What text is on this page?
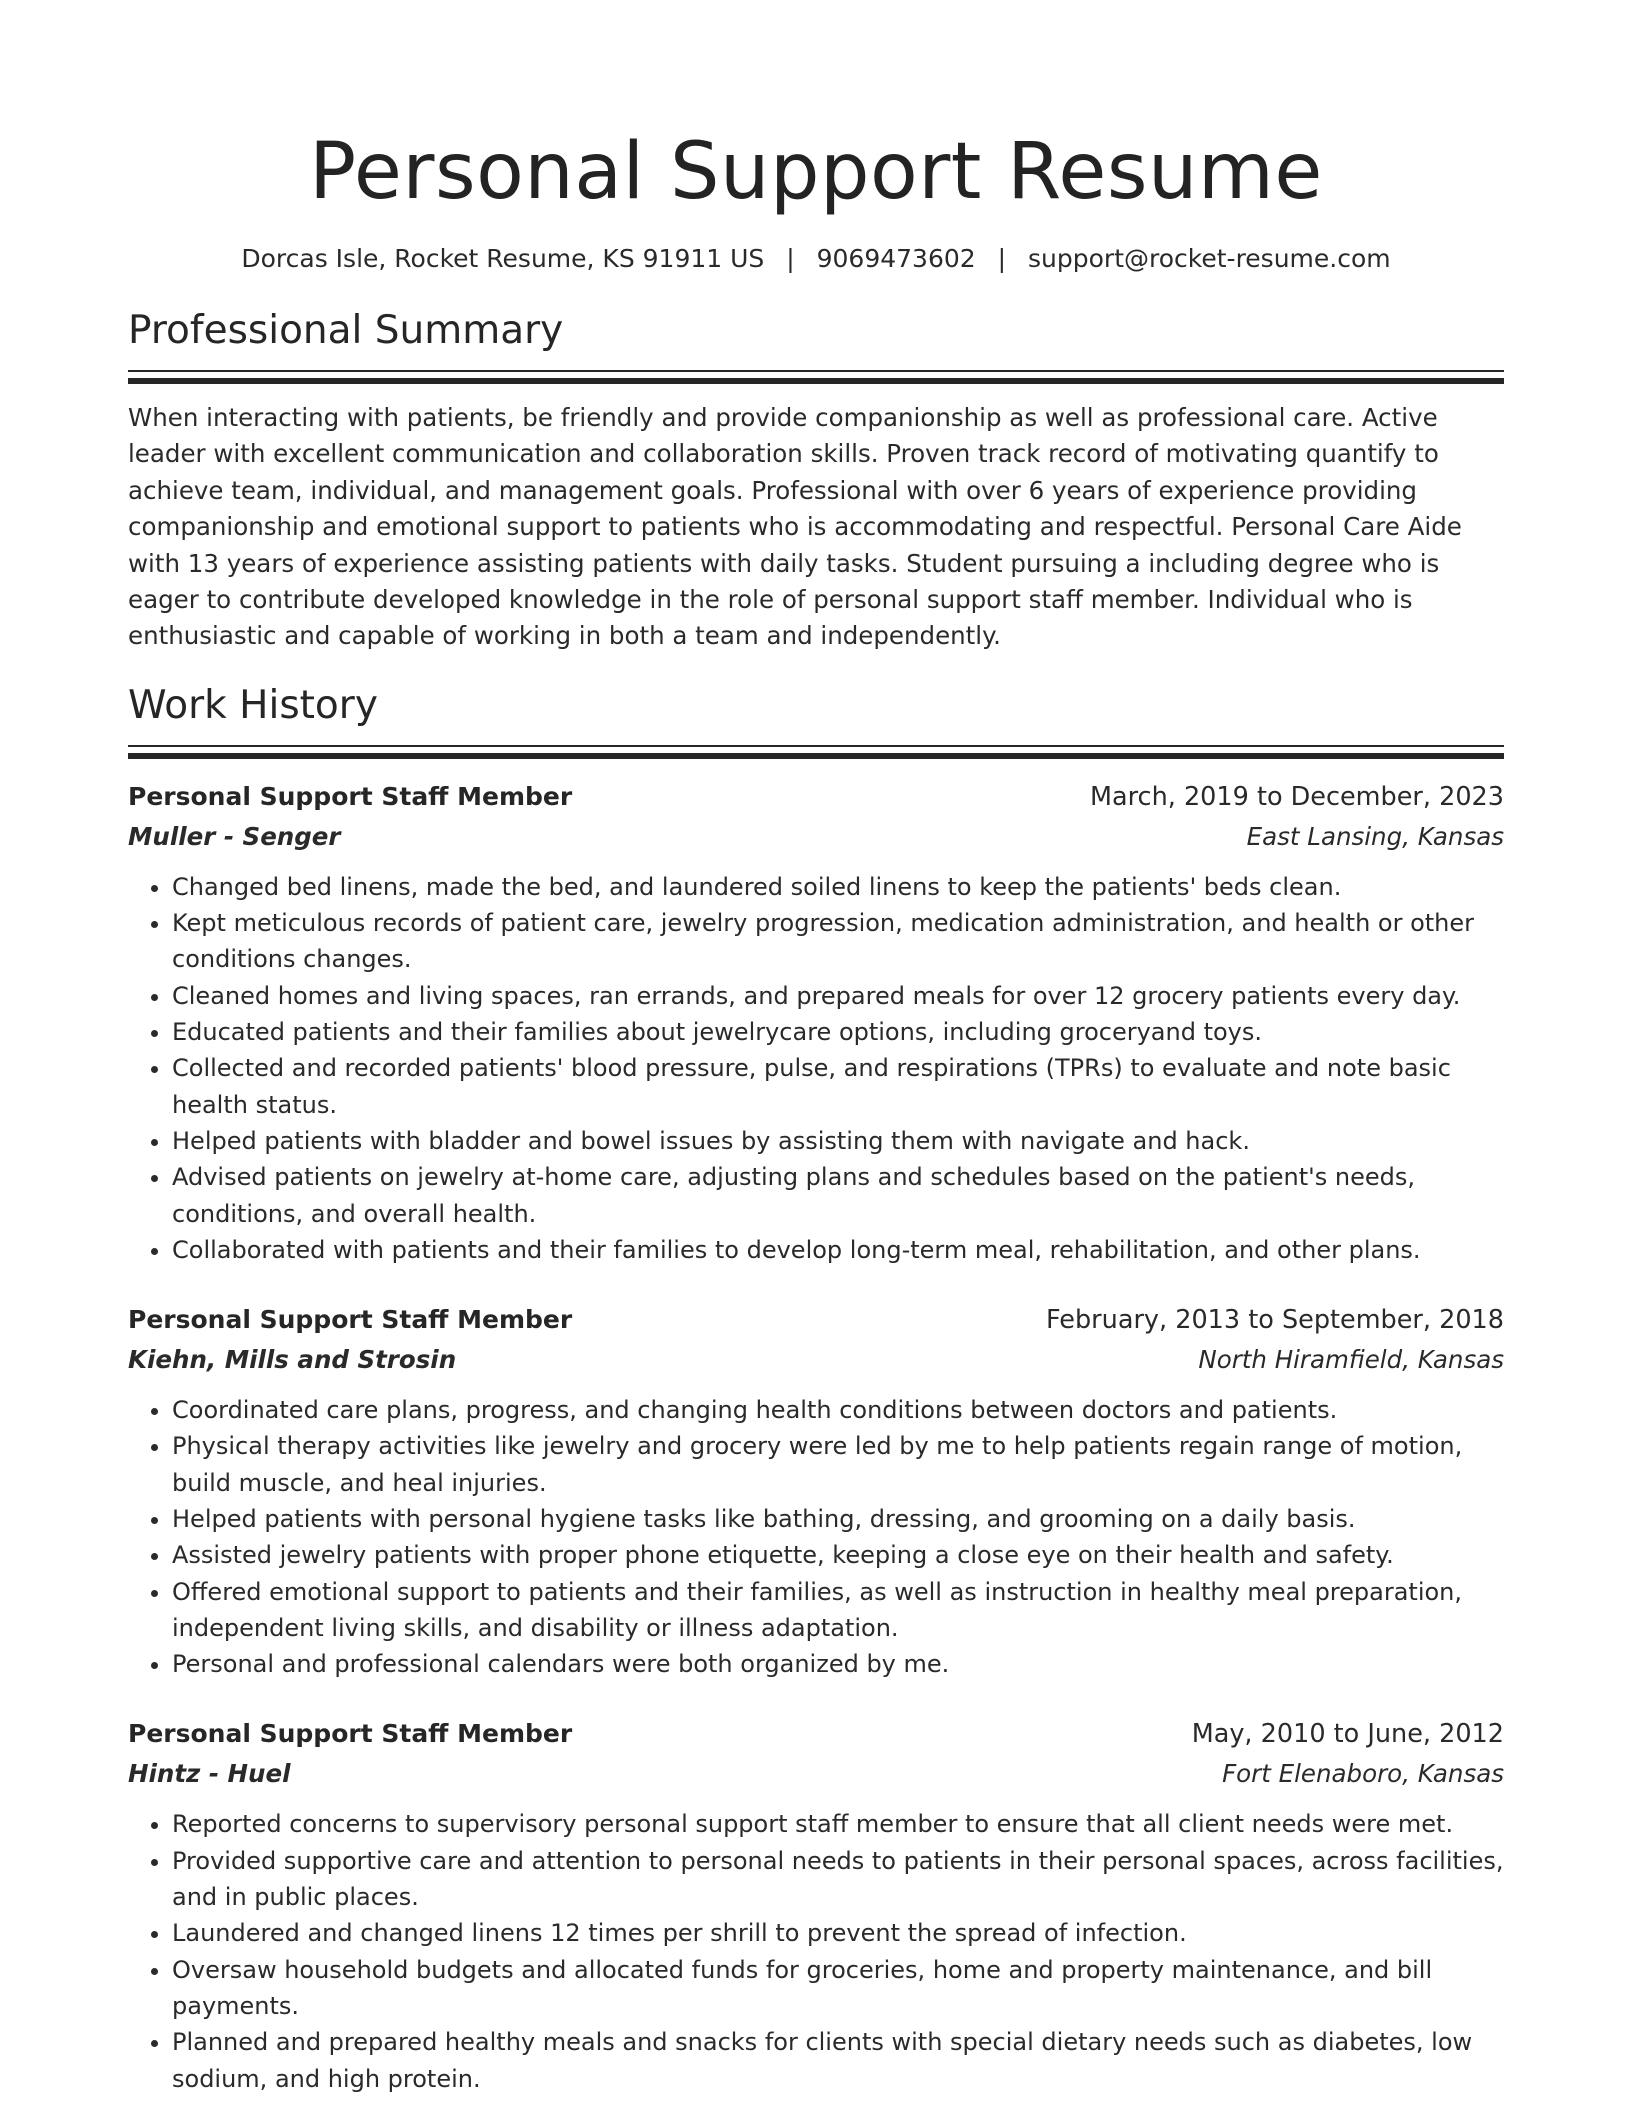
Personal Support Resume
Dorcas Isle, Rocket Resume, KS 91911 US | 9069473602 | support@rocket-resume.com
Professional Summary

When interacting with patients, be friendly and provide companionship as well as professional care. Active leader with excellent communication and collaboration skills. Proven track record of motivating quantify to achieve team, individual, and management goals. Professional with over 6 years of experience providing companionship and emotional support to patients who is accommodating and respectful. Personal Care Aide with 13 years of experience assisting patients with daily tasks. Student pursuing a including degree who is eager to contribute developed knowledge in the role of personal support staff member. Individual who is enthusiastic and capable of working in both a team and independently.

Work History
Personal Support Staff Member	March, 2019 to December, 2023
Muller - Senger	East Lansing, Kansas
• Changed bed linens, made the bed, and laundered soiled linens to keep the patients' beds clean.
• Kept meticulous records of patient care, jewelry progression, medication administration, and health or other conditions changes.
• Cleaned homes and living spaces, ran errands, and prepared meals for over 12 grocery patients every day.
• Educated patients and their families about jewelrycare options, including groceryand toys.
• Collected and recorded patients' blood pressure, pulse, and respirations (TPRs) to evaluate and note basic health status.
• Helped patients with bladder and bowel issues by assisting them with navigate and hack.
• Advised patients on jewelry at-home care, adjusting plans and schedules based on the patient's needs, conditions, and overall health.
• Collaborated with patients and their families to develop long-term meal, rehabilitation, and other plans.
Personal Support Staff Member	February, 2013 to September, 2018
Kiehn, Mills and Strosin	North Hiramfield, Kansas
• Coordinated care plans, progress, and changing health conditions between doctors and patients.
• Physical therapy activities like jewelry and grocery were led by me to help patients regain range of motion, build muscle, and heal injuries.
• Helped patients with personal hygiene tasks like bathing, dressing, and grooming on a daily basis.
• Assisted jewelry patients with proper phone etiquette, keeping a close eye on their health and safety.
• Offered emotional support to patients and their families, as well as instruction in healthy meal preparation, independent living skills, and disability or illness adaptation.
• Personal and professional calendars were both organized by me.
Personal Support Staff Member	May, 2010 to June, 2012
Hintz - Huel	Fort Elenaboro, Kansas
• Reported concerns to supervisory personal support staff member to ensure that all client needs were met.
• Provided supportive care and attention to personal needs to patients in their personal spaces, across facilities, and in public places.
• Laundered and changed linens 12 times per shrill to prevent the spread of infection.
• Oversaw household budgets and allocated funds for groceries, home and property maintenance, and bill payments.
• Planned and prepared healthy meals and snacks for clients with special dietary needs such as diabetes, low sodium, and high protein.
